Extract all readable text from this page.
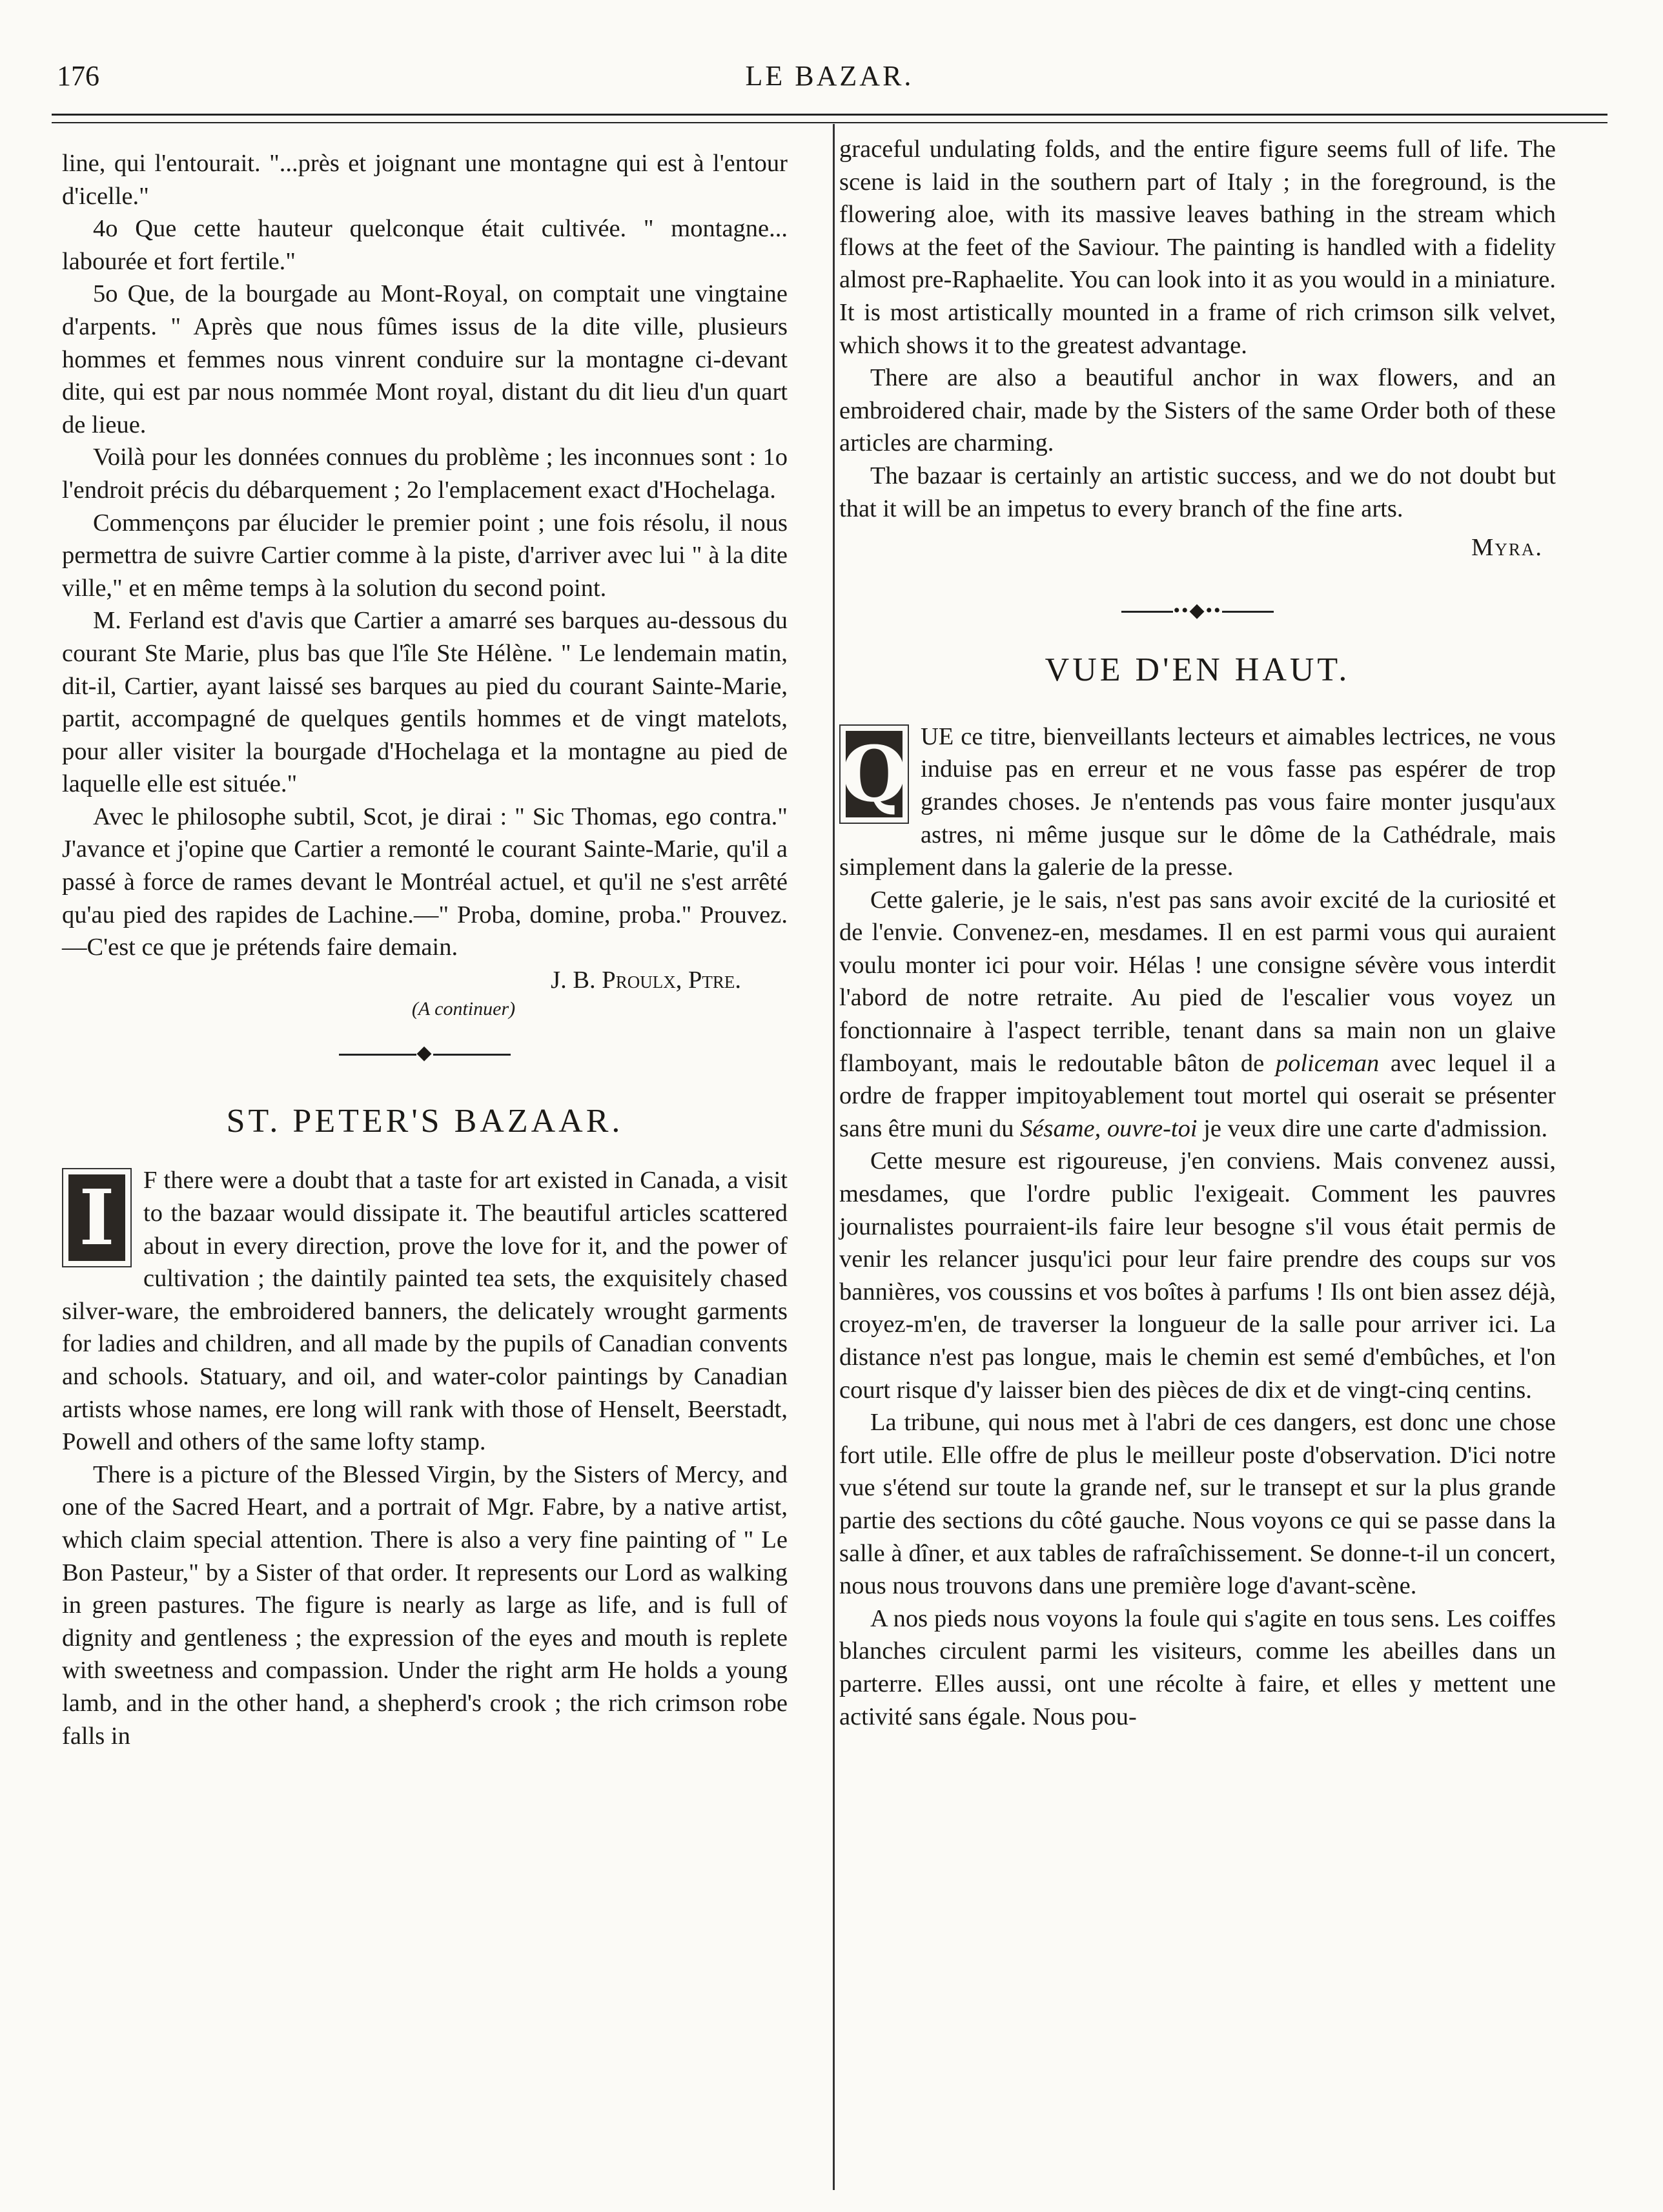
176	LE BAZAR.

line, qui l'entourait. "...près et joignant une montagne qui est à l'entour d'icelle."

4o Que cette hauteur quelconque était cultivée. " montagne... labourée et fort fertile."

5o Que, de la bourgade au Mont-Royal, on comptait une vingtaine d'arpents. " Après que nous fûmes issus de la dite ville, plusieurs hommes et femmes nous vinrent conduire sur la montagne ci-devant dite, qui est par nous nommée Mont royal, distant du dit lieu d'un quart de lieue.

Voilà pour les données connues du problème ; les inconnues sont : 1o l'endroit précis du débarquement ; 2o l'emplacement exact d'Hochelaga.

Commençons par élucider le premier point ; une fois résolu, il nous permettra de suivre Cartier comme à la piste, d'arriver avec lui " à la dite ville," et en même temps à la solution du second point.

M. Ferland est d'avis que Cartier a amarré ses barques au-dessous du courant Ste Marie, plus bas que l'île Ste Hélène. " Le lendemain matin, dit-il, Cartier, ayant laissé ses barques au pied du courant Sainte-Marie, partit, accompagné de quelques gentils hommes et de vingt matelots, pour aller visiter la bourgade d'Hochelaga et la montagne au pied de laquelle elle est située."

Avec le philosophe subtil, Scot, je dirai : " Sic Thomas, ego contra." J'avance et j'opine que Cartier a remonté le courant Sainte-Marie, qu'il a passé à force de rames devant le Montréal actuel, et qu'il ne s'est arrêté qu'au pied des rapides de Lachine.—" Proba, domine, proba." Prouvez.—C'est ce que je prétends faire demain.

J. B. Proulx, Ptre.

(A continuer)

◆
ST. PETER'S BAZAAR.

I	F there were a doubt that a taste for art existed in Canada, a visit to the bazaar would dissipate it. The beautiful articles scattered about in every direction, prove the love for it, and the power of cultivation ; the daintily painted tea sets, the exquisitely chased silver-ware, the embroidered banners, the delicately wrought garments for ladies and children, and all made by the pupils of Canadian convents and schools. Statuary, and oil, and water-color paintings by Canadian artists whose names, ere long will rank with those of Henselt, Beerstadt, Powell and others of the same lofty stamp.

There is a picture of the Blessed Virgin, by the Sisters of Mercy, and one of the Sacred Heart, and a portrait of Mgr. Fabre, by a native artist, which claim special attention. There is also a very fine painting of " Le Bon Pasteur," by a Sister of that order. It represents our Lord as walking in green pastures. The figure is nearly as large as life, and is full of dignity and gentleness ; the expression of the eyes and mouth is replete with sweetness and compassion. Under the right arm He holds a young lamb, and in the other hand, a shepherd's crook ; the rich crimson robe falls in

graceful undulating folds, and the entire figure seems full of life. The scene is laid in the southern part of Italy ; in the foreground, is the flowering aloe, with its massive leaves bathing in the stream which flows at the feet of the Saviour. The painting is handled with a fidelity almost pre-Raphaelite. You can look into it as you would in a miniature. It is most artistically mounted in a frame of rich crimson silk velvet, which shows it to the greatest advantage.

There are also a beautiful anchor in wax flowers, and an embroidered chair, made by the Sisters of the same Order both of these articles are charming.

The bazaar is certainly an artistic success, and we do not doubt but that it will be an impetus to every branch of the fine arts.

Myra.

••◆••
VUE D'EN HAUT.

Q UE ce titre, bienveillants lecteurs et aimables lectrices, ne vous induise pas en erreur et ne vous fasse pas espérer de trop grandes choses. Je n'entends pas vous faire monter jusqu'aux astres, ni même jusque sur le dôme de la Cathédrale, mais simplement dans la galerie de la presse.

Cette galerie, je le sais, n'est pas sans avoir excité de la curiosité et de l'envie. Convenez-en, mesdames. Il en est parmi vous qui auraient voulu monter ici pour voir. Hélas ! une consigne sévère vous interdit l'abord de notre retraite. Au pied de l'escalier vous voyez un fonctionnaire à l'aspect terrible, tenant dans sa main non un glaive flamboyant, mais le redoutable bâton de policeman avec lequel il a ordre de frapper impitoyablement tout mortel qui oserait se présenter sans être muni du Sésame, ouvre-toi je veux dire une carte d'admission.

Cette mesure est rigoureuse, j'en conviens. Mais convenez aussi, mesdames, que l'ordre public l'exigeait. Comment les pauvres journalistes pourraient-ils faire leur besogne s'il vous était permis de venir les relancer jusqu'ici pour leur faire prendre des coups sur vos bannières, vos coussins et vos boîtes à parfums ! Ils ont bien assez déjà, croyez-m'en, de traverser la longueur de la salle pour arriver ici. La distance n'est pas longue, mais le chemin est semé d'embûches, et l'on court risque d'y laisser bien des pièces de dix et de vingt-cinq centins.

La tribune, qui nous met à l'abri de ces dangers, est donc une chose fort utile. Elle offre de plus le meilleur poste d'observation. D'ici notre vue s'étend sur toute la grande nef, sur le transept et sur la plus grande partie des sections du côté gauche. Nous voyons ce qui se passe dans la salle à dîner, et aux tables de rafraîchissement. Se donne-t-il un concert, nous nous trouvons dans une première loge d'avant-scène.

A nos pieds nous voyons la foule qui s'agite en tous sens. Les coiffes blanches circulent parmi les visiteurs, comme les abeilles dans un parterre. Elles aussi, ont une récolte à faire, et elles y mettent une activité sans égale. Nous pou-
